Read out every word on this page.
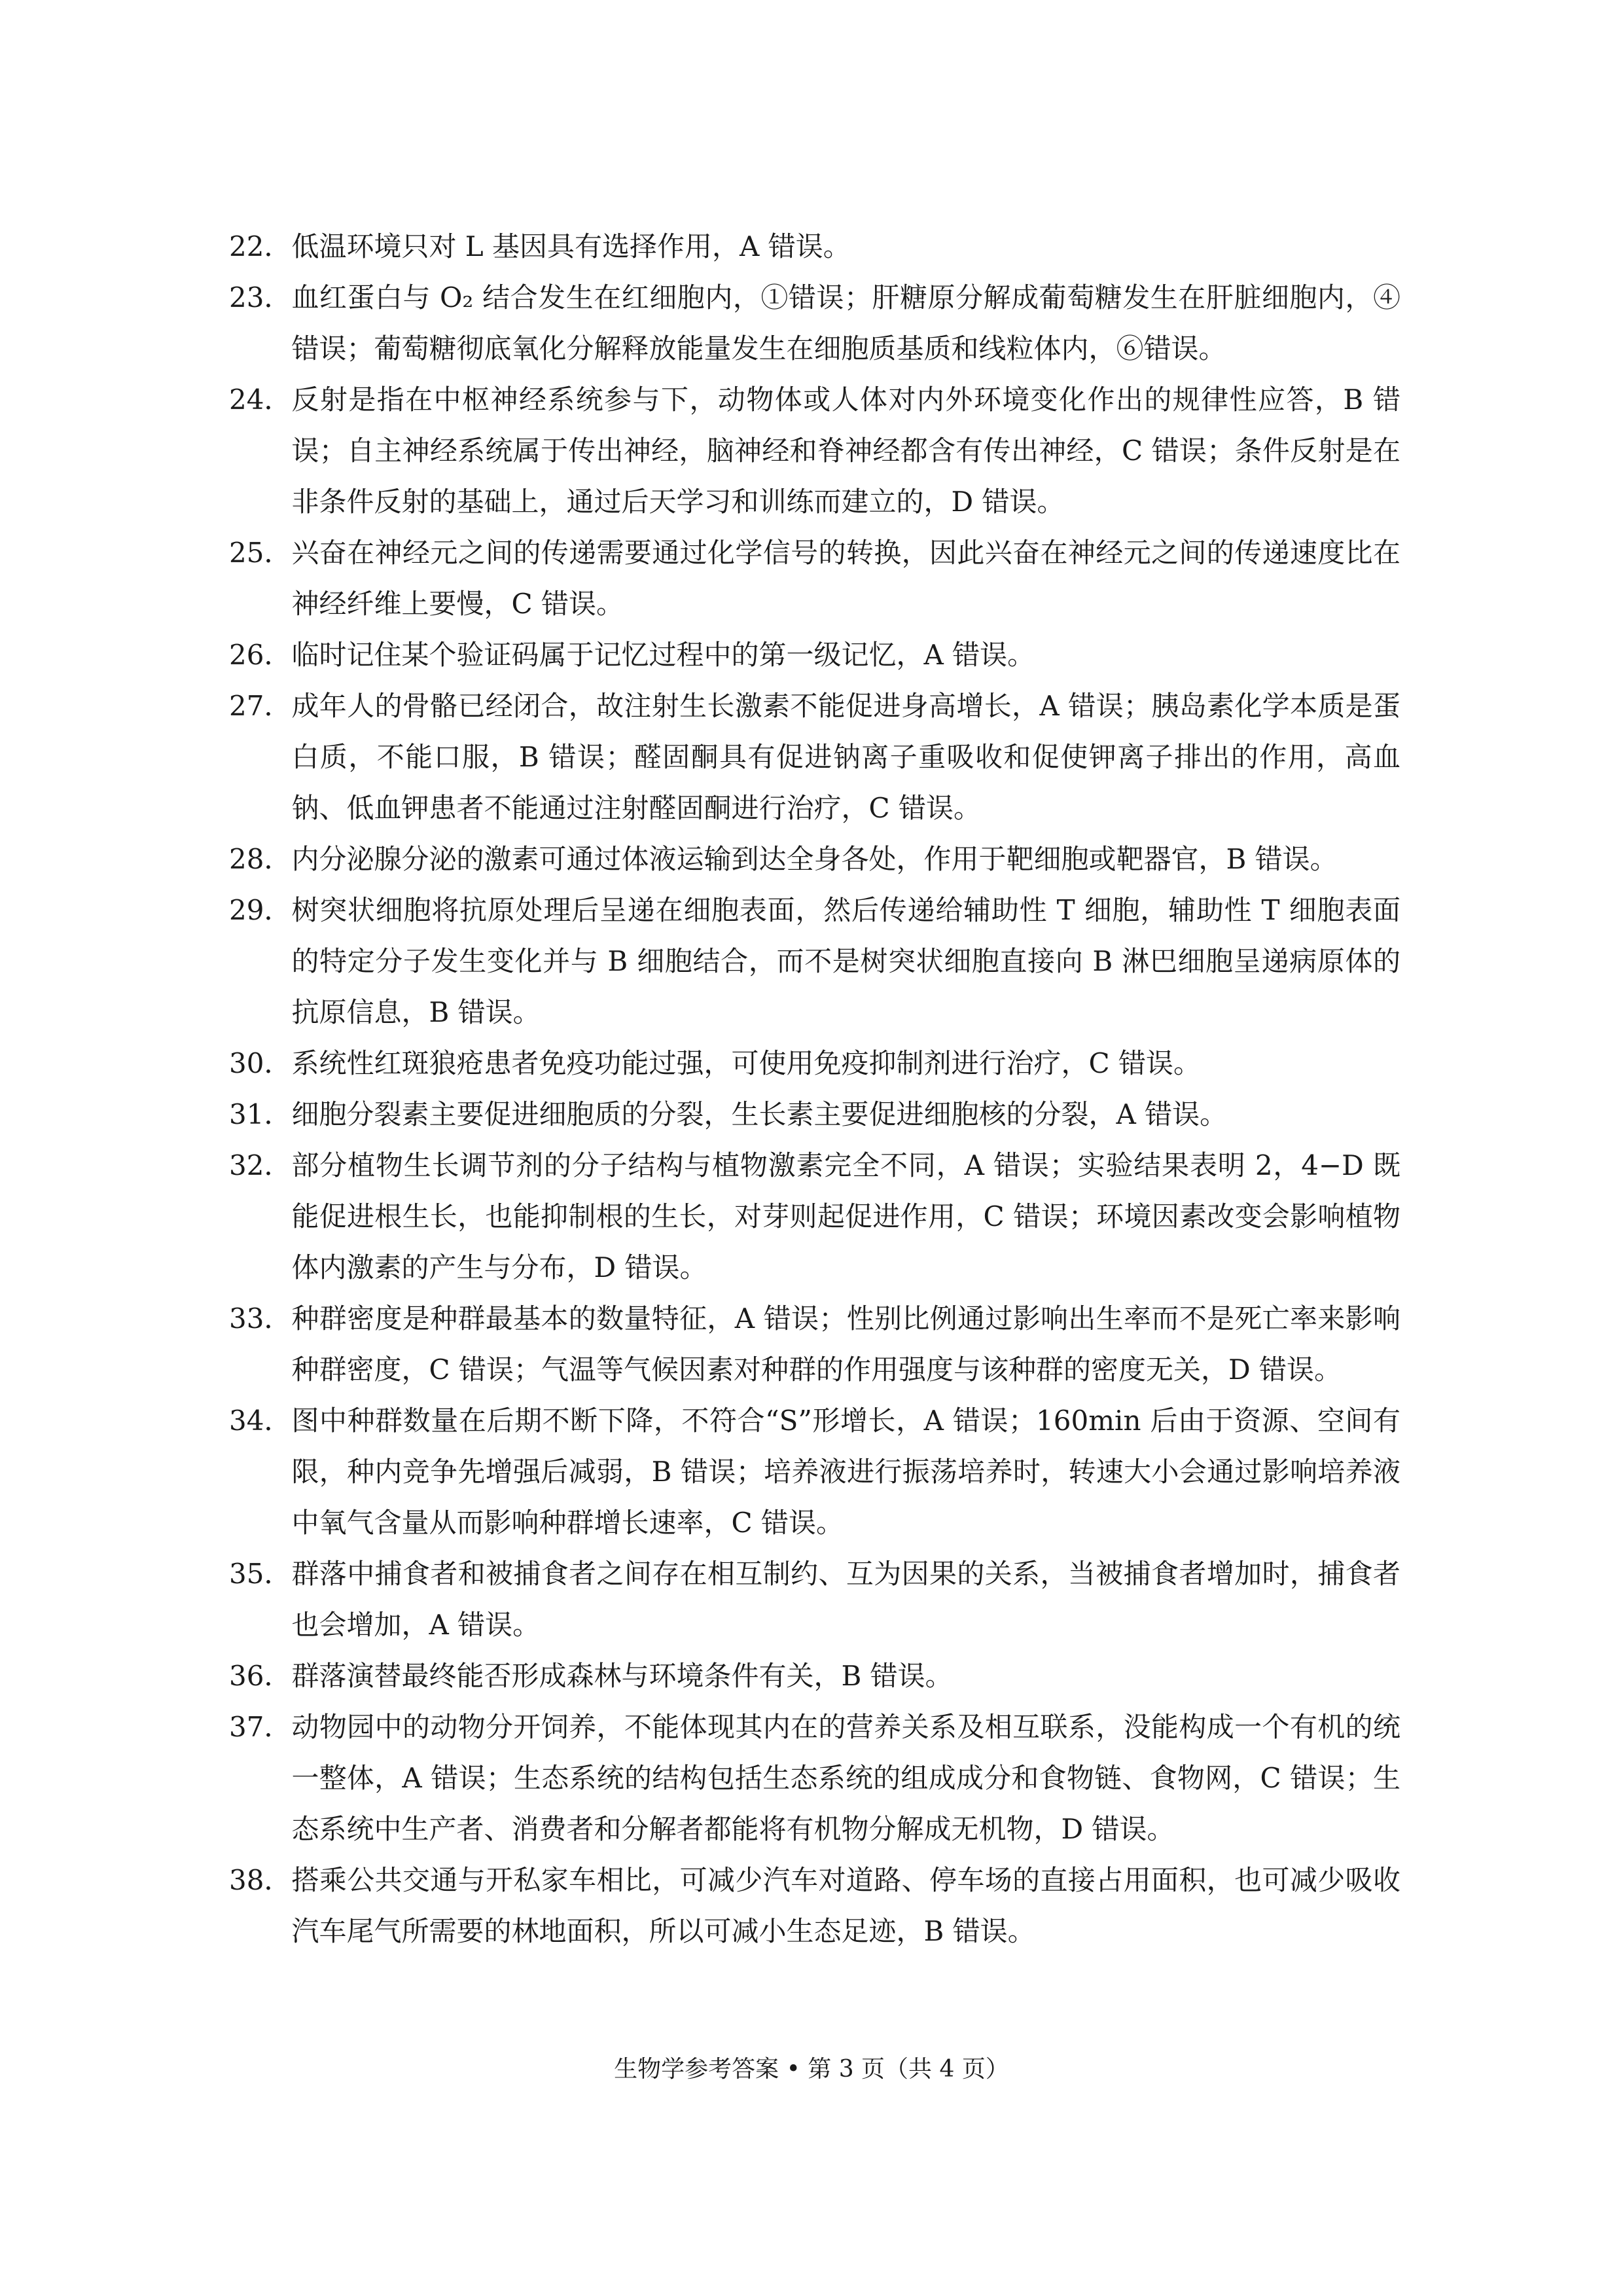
22． 低温环境只对 L 基因具有选择作用，A 错误。
23． 血红蛋白与 O₂ 结合发生在红细胞内，①错误；肝糖原分解成葡萄糖发生在肝脏细胞内，④错误；葡萄糖彻底氧化分解释放能量发生在细胞质基质和线粒体内，⑥错误。
24． 反射是指在中枢神经系统参与下，动物体或人体对内外环境变化作出的规律性应答，B 错误；自主神经系统属于传出神经，脑神经和脊神经都含有传出神经，C 错误；条件反射是在非条件反射的基础上，通过后天学习和训练而建立的，D 错误。
25． 兴奋在神经元之间的传递需要通过化学信号的转换，因此兴奋在神经元之间的传递速度比在神经纤维上要慢，C 错误。
26． 临时记住某个验证码属于记忆过程中的第一级记忆，A 错误。
27． 成年人的骨骼已经闭合，故注射生长激素不能促进身高增长，A 错误；胰岛素化学本质是蛋白质，不能口服，B 错误；醛固酮具有促进钠离子重吸收和促使钾离子排出的作用，高血钠、低血钾患者不能通过注射醛固酮进行治疗，C 错误。
28． 内分泌腺分泌的激素可通过体液运输到达全身各处，作用于靶细胞或靶器官，B 错误。
29． 树突状细胞将抗原处理后呈递在细胞表面，然后传递给辅助性 T 细胞，辅助性 T 细胞表面的特定分子发生变化并与 B 细胞结合，而不是树突状细胞直接向 B 淋巴细胞呈递病原体的抗原信息，B 错误。
30． 系统性红斑狼疮患者免疫功能过强，可使用免疫抑制剂进行治疗，C 错误。
31． 细胞分裂素主要促进细胞质的分裂，生长素主要促进细胞核的分裂，A 错误。
32． 部分植物生长调节剂的分子结构与植物激素完全不同，A 错误；实验结果表明 2，4−D 既能促进根生长，也能抑制根的生长，对芽则起促进作用，C 错误；环境因素改变会影响植物体内激素的产生与分布，D 错误。
33． 种群密度是种群最基本的数量特征，A 错误；性别比例通过影响出生率而不是死亡率来影响种群密度，C 错误；气温等气候因素对种群的作用强度与该种群的密度无关，D 错误。
34． 图中种群数量在后期不断下降，不符合“S”形增长，A 错误；160min 后由于资源、空间有限，种内竞争先增强后减弱，B 错误；培养液进行振荡培养时，转速大小会通过影响培养液中氧气含量从而影响种群增长速率，C 错误。
35． 群落中捕食者和被捕食者之间存在相互制约、互为因果的关系，当被捕食者增加时，捕食者也会增加，A 错误。
36． 群落演替最终能否形成森林与环境条件有关，B 错误。
37． 动物园中的动物分开饲养，不能体现其内在的营养关系及相互联系，没能构成一个有机的统一整体，A 错误；生态系统的结构包括生态系统的组成成分和食物链、食物网，C 错误；生态系统中生产者、消费者和分解者都能将有机物分解成无机物，D 错误。
38． 搭乘公共交通与开私家车相比，可减少汽车对道路、停车场的直接占用面积，也可减少吸收汽车尾气所需要的林地面积，所以可减小生态足迹，B 错误。
生物学参考答案 • 第 3 页（共 4 页）
